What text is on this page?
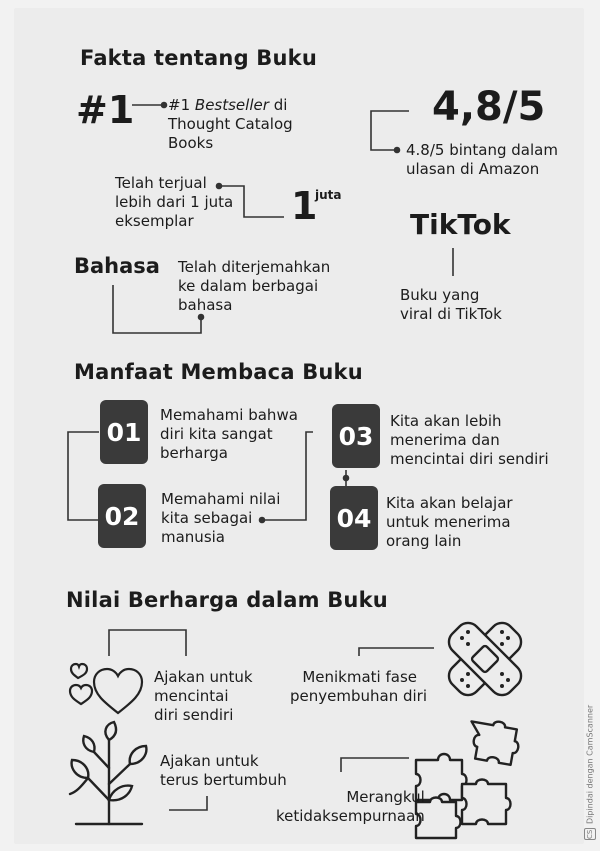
Fakta tentang Buku
#1 #1 Bestseller di
Thought Catalog
Books
4,8/5
4.8/5 bintang dalam
ulasan di Amazon
Telah terjual
lebih dari 1 juta
eksemplar	1
juta
TikTok
Buku yang
viral di TikTok
Bahasa Telah diterjemahkan
ke dalam berbagai
bahasa
Manfaat Membaca Buku
01
Memahami bahwa
diri kita sangat
berharga
02
Memahami nilai
kita sebagai
manusia
03
Kita akan lebih
menerima dan
mencintai diri sendiri
04
Kita akan belajar
untuk menerima
orang lain
Nilai Berharga dalam Buku
Ajakan untuk
mencintai
diri sendiri
Menikmati fase
penyembuhan diri
Ajakan untuk
terus bertumbuh
Merangkul
ketidaksempurnaan
CS
Dipindai dengan CamScanner
